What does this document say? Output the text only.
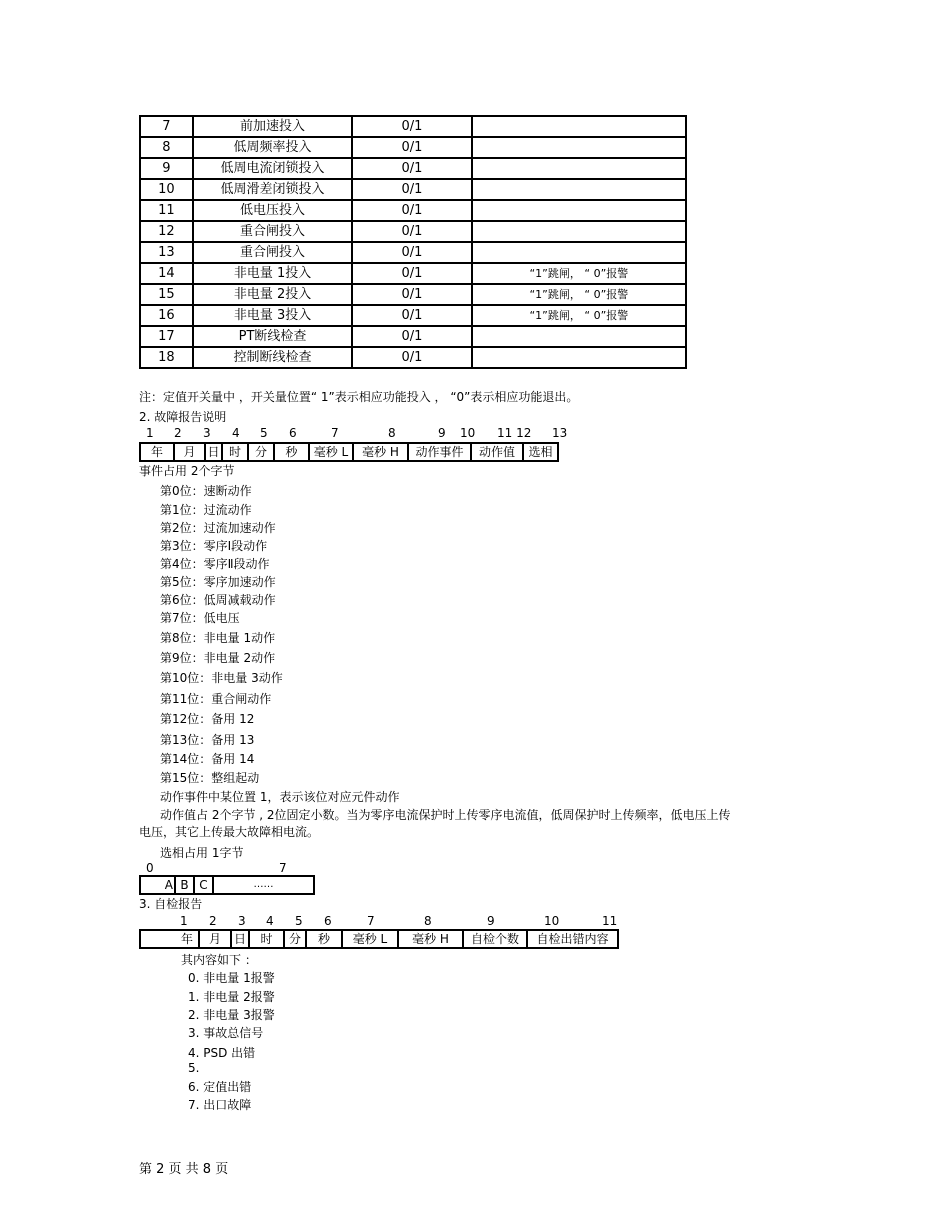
7	前加速投入	0/1	
8	低周频率投入	0/1	
9	低周电流闭锁投入	0/1	
10	低周滑差闭锁投入	0/1	
11	低电压投入	0/1	
12	重合闸投入	0/1	
13	重合闸投入	0/1	
14	非电量 1投入	0/1	“1”跳闸， “ 0”报警
15	非电量 2投入	0/1	“1”跳闸， “ 0”报警
16	非电量 3投入	0/1	“1”跳闸， “ 0”报警
17	PT断线检查	0/1	
18	控制断线检查	0/1	
注：定值开关量中 ，开关量位置“ 1”表示相应功能投入 ， “0”表示相应功能退出。
2. 故障报告说明
1 2 3 4 5 6	7	8	9 10 11 12 13
年	月	日	时	分	秒	毫秒 L	毫秒 H	动作事件	动作值	选相
事件占用 2个字节
第0位：速断动作
第1位：过流动作
第2位：过流加速动作
第3位：零序Ⅰ段动作
第4位：零序Ⅱ段动作
第5位：零序加速动作
第6位：低周减载动作
第7位：低电压
第8位：非电量 1动作
第9位：非电量 2动作
第10位：非电量 3动作
第11位：重合闸动作
第12位：备用 12
第13位：备用 13
第14位：备用 14
第15位：整组起动
动作事件中某位置 1，表示该位对应元件动作
动作值占 2个字节 , 2位固定小数。当为零序电流保护时上传零序电流值，低周保护时上传频率，低电压上传
电压，其它上传最大故障相电流。
选相占用 1字节
0	7
A	B	C	……
3. 自检报告
1 2 3 4 5 6	7	8	9	10	11
年	月	日	时	分	秒	毫秒 L	毫秒 H	自检个数	自检出错内容
其内容如下 ：
0. 非电量 1报警
1. 非电量 2报警
2. 非电量 3报警
3. 事故总信号
4. PSD 出错
5.
6. 定值出错
7. 出口故障
第 2 页 共 8 页
